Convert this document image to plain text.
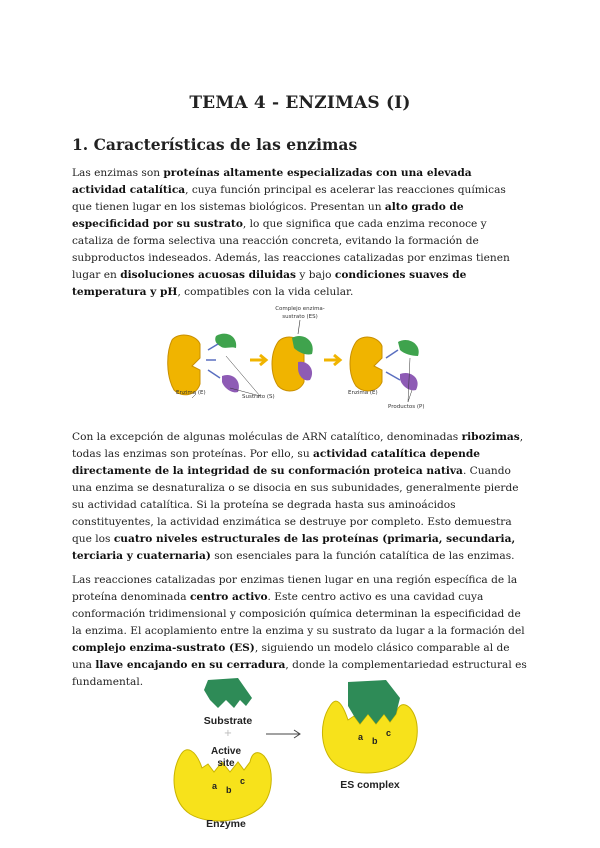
TEMA 4 - ENZIMAS (I)
1. Características de las enzimas

Las enzimas son proteínas altamente especializadas con una elevada actividad catalítica, cuya función principal es acelerar las reacciones químicas que tienen lugar en los sistemas biológicos. Presentan un alto grado de especificidad por su sustrato, lo que significa que cada enzima reconoce y cataliza de forma selectiva una reacción concreta, evitando la formación de subproductos indeseados. Además, las reacciones catalizadas por enzimas tienen lugar en disoluciones acuosas diluidas y bajo condiciones suaves de temperatura y pH, compatibles con la vida celular.

Complejo enzima-
sustrato (ES)
Enzima (E)
Sustrato (S)
Enzima (E)
Productos (P)

Con la excepción de algunas moléculas de ARN catalítico, denominadas ribozimas, todas las enzimas son proteínas. Por ello, su actividad catalítica depende directamente de la integridad de su conformación proteica nativa. Cuando una enzima se desnaturaliza o se disocia en sus subunidades, generalmente pierde su actividad catalítica. Si la proteína se degrada hasta sus aminoácidos constituyentes, la actividad enzimática se destruye por completo. Esto demuestra que los cuatro niveles estructurales de las proteínas (primaria, secundaria, terciaria y cuaternaria) son esenciales para la función catalítica de las enzimas.

Las reacciones catalizadas por enzimas tienen lugar en una región específica de la proteína denominada centro activo. Este centro activo es una cavidad cuya conformación tridimensional y composición química determinan la especificidad de la enzima. El acoplamiento entre la enzima y su sustrato da lugar a la formación del complejo enzima-sustrato (ES), siguiendo un modelo clásico comparable al de una llave encajando en su cerradura, donde la complementariedad estructural es fundamental.

Substrate
+
Active
site
a b
c
Enzyme
a b
c
ES complex
